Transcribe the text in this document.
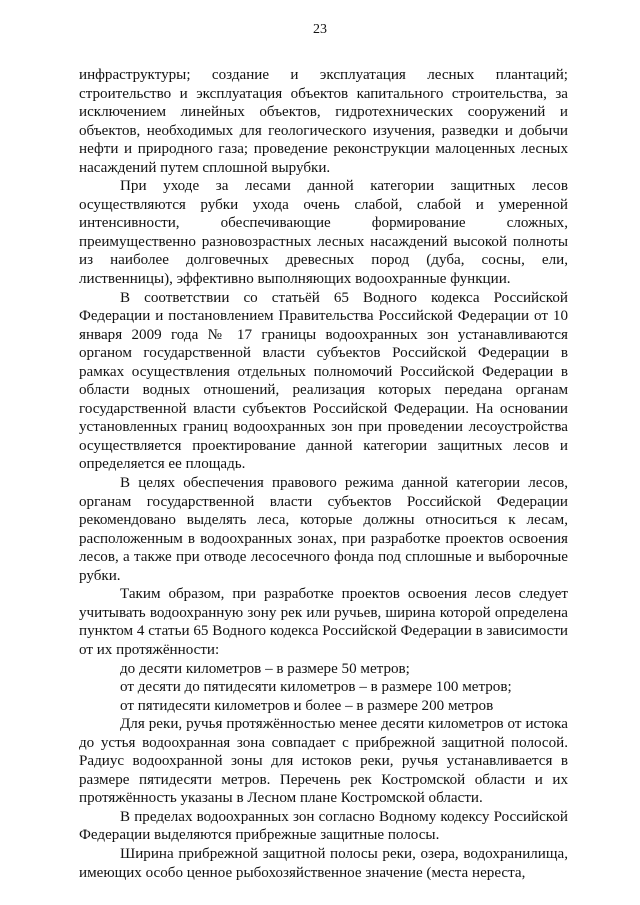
23

инфраструктуры; создание и эксплуатация лесных плантаций; строительство и эксплуатация объектов капитального строительства, за исключением линейных объектов, гидротехнических сооружений и объектов, необходимых для геологического изучения, разведки и добычи нефти и природного газа; проведение реконструкции малоценных лесных насаждений путем сплошной вырубки.

При уходе за лесами данной категории защитных лесов осуществляются рубки ухода очень слабой, слабой и умеренной интенсивности, обеспечивающие формирование сложных, преимущественно разновозрастных лесных насаждений высокой полноты из наиболее долговечных древесных пород (дуба, сосны, ели, лиственницы), эффективно выполняющих водоохранные функции.

В соответствии со статьёй 65 Водного кодекса Российской Федерации и постановлением Правительства Российской Федерации от 10 января 2009 года № 17 границы водоохранных зон устанавливаются органом государственной власти субъектов Российской Федерации в рамках осуществления отдельных полномочий Российской Федерации в области водных отношений, реализация которых передана органам государственной власти субъектов Российской Федерации. На основании установленных границ водоохранных зон при проведении лесоустройства осуществляется проектирование данной категории защитных лесов и определяется ее площадь.

В целях обеспечения правового режима данной категории лесов, органам государственной власти субъектов Российской Федерации рекомендовано выделять леса, которые должны относиться к лесам, расположенным в водоохранных зонах, при разработке проектов освоения лесов, а также при отводе лесосечного фонда под сплошные и выборочные рубки.

Таким образом, при разработке проектов освоения лесов следует учитывать водоохранную зону рек или ручьев, ширина которой определена пунктом 4 статьи 65 Водного кодекса Российской Федерации в зависимости от их протяжённости:

до десяти километров – в размере 50 метров;

от десяти до пятидесяти километров – в размере 100 метров;

от пятидесяти километров и более – в размере 200 метров

Для реки, ручья протяжённостью менее десяти километров от истока до устья водоохранная зона совпадает с прибрежной защитной полосой. Радиус водоохранной зоны для истоков реки, ручья устанавливается в размере пятидесяти метров. Перечень рек Костромской области и их протяжённость указаны в Лесном плане Костромской области.

В пределах водоохранных зон согласно Водному кодексу Российской Федерации выделяются прибрежные защитные полосы.

Ширина прибрежной защитной полосы реки, озера, водохранилища, имеющих особо ценное рыбохозяйственное значение (места нереста,
